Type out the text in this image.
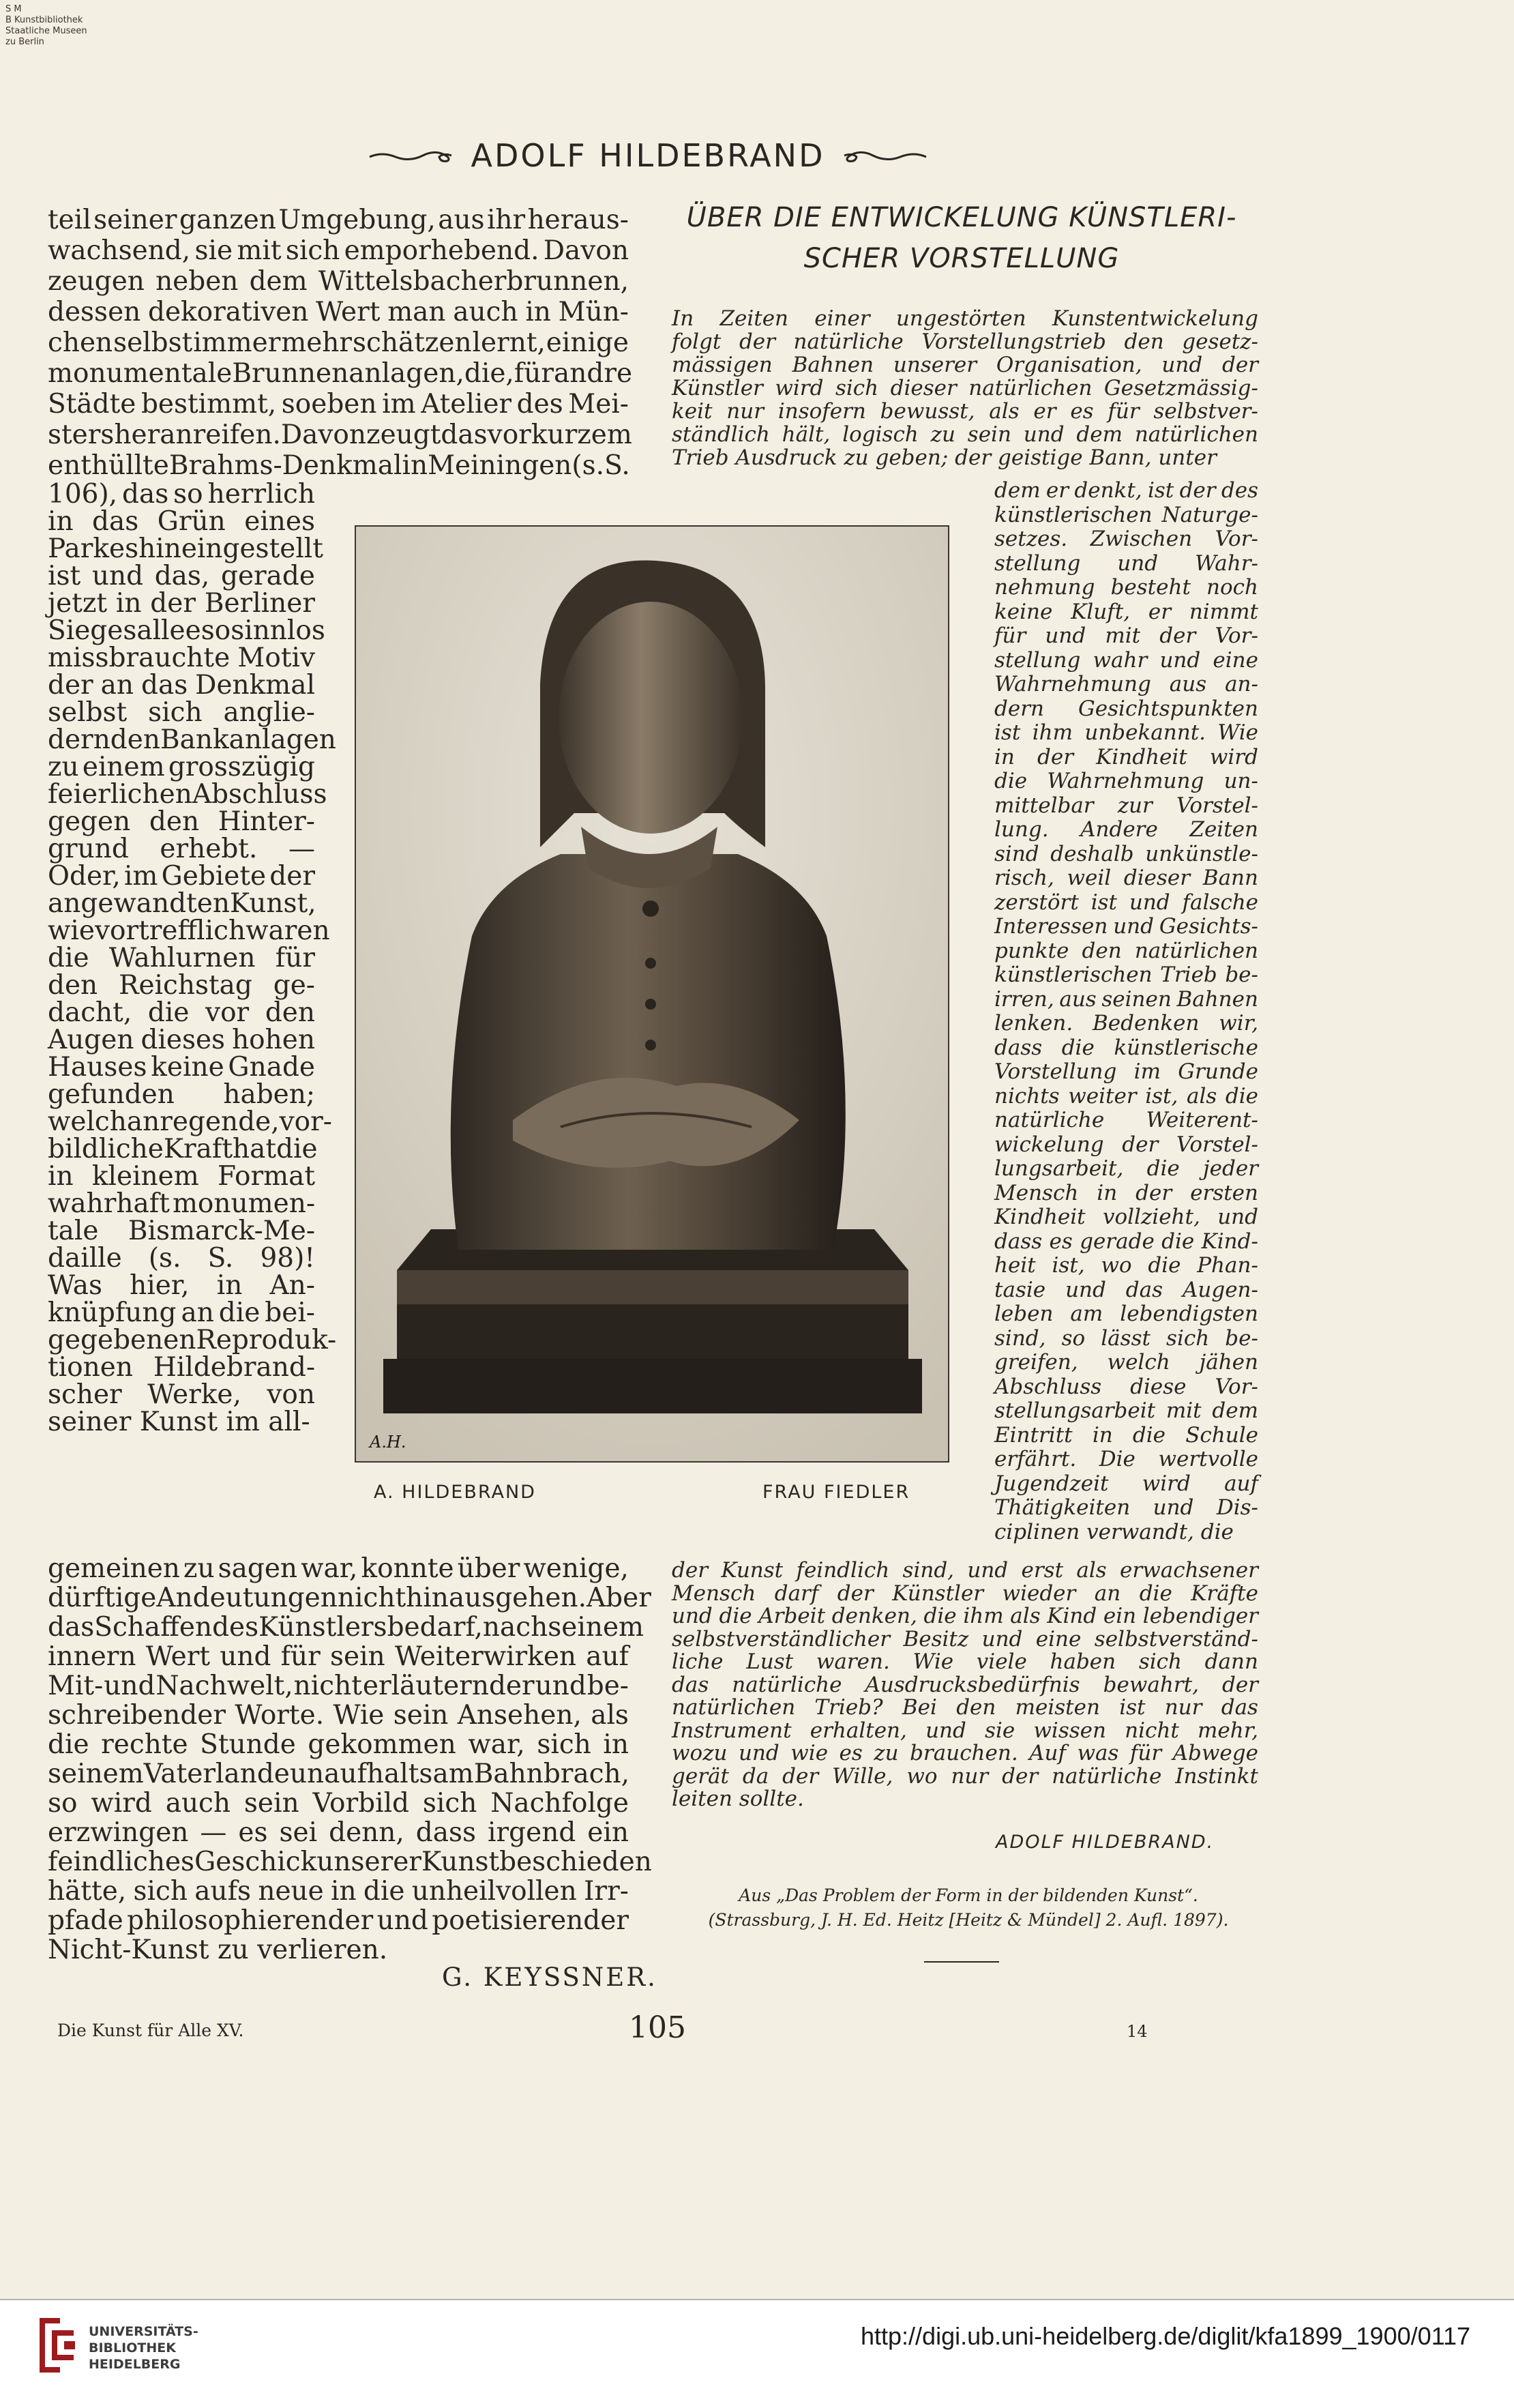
S M
B Kunstbibliothek
Staatliche Museen
zu Berlin
ADOLF HILDEBRAND
teil seiner ganzen Umgebung, aus ihr heraus-
wachsend, sie mit sich emporhebend. Davon
zeugen neben dem Wittelsbacherbrunnen,
dessen dekorativen Wert man auch in Mün-
chen selbst immer mehr schätzen lernt, einige
monumentale Brunnenanlagen, die, für andre
Städte bestimmt, soeben im Atelier des Mei-
sters heranreifen. Davon zeugt das vor kurzem
enthüllte Brahms-Denkmal in Meiningen (s. S.
106), das so herrlich
in das Grün eines
Parkes hineingestellt
ist und das, gerade
jetzt in der Berliner
Siegesallee so sinnlos
missbrauchte Motiv
der an das Denkmal
selbst sich anglie-
dernden Bankanlagen
zu einem grosszügig
feierlichen Abschluss
gegen den Hinter-
grund erhebt. —
Oder, im Gebiete der
angewandten Kunst,
wie vortrefflich waren
die Wahlurnen für
den Reichstag ge-
dacht, die vor den
Augen dieses hohen
Hauses keine Gnade
gefunden haben;
welch anregende, vor-
bildliche Kraft hat die
in kleinem Format
wahrhaft monumen-
tale Bismarck-Me-
daille (s. S. 98)!
Was hier, in An-
knüpfung an die bei-
gegebenen Reproduk-
tionen Hildebrand-
scher Werke, von
seiner Kunst im all-
gemeinen zu sagen war, konnte über wenige,
dürftige Andeutungen nicht hinausgehen. Aber
das Schaffen des Künstlers bedarf, nach seinem
innern Wert und für sein Weiterwirken auf
Mit- und Nachwelt, nicht erläuternder und be-
schreibender Worte. Wie sein Ansehen, als
die rechte Stunde gekommen war, sich in
seinem Vaterlande unaufhaltsam Bahn brach,
so wird auch sein Vorbild sich Nachfolge
erzwingen — es sei denn, dass irgend ein
feindliches Geschick unserer Kunst beschieden
hätte, sich aufs neue in die unheilvollen Irr-
pfade philosophierender und poetisierender
Nicht-Kunst zu verlieren.
G. KEYSSNER.
A.H.
A. HILDEBRAND	FRAU FIEDLER
ÜBER DIE ENTWICKELUNG KÜNSTLERI-
SCHER VORSTELLUNG
In Zeiten einer ungestörten Kunstentwickelung
folgt der natürliche Vorstellungstrieb den gesetz-
mässigen Bahnen unserer Organisation, und der
Künstler wird sich dieser natürlichen Gesetzmässig-
keit nur insofern bewusst, als er es für selbstver-
ständlich hält, logisch zu sein und dem natürlichen
Trieb Ausdruck zu geben; der geistige Bann, unter
dem er denkt, ist der des
künstlerischen Naturge-
setzes. Zwischen Vor-
stellung und Wahr-
nehmung besteht noch
keine Kluft, er nimmt
für und mit der Vor-
stellung wahr und eine
Wahrnehmung aus an-
dern Gesichtspunkten
ist ihm unbekannt. Wie
in der Kindheit wird
die Wahrnehmung un-
mittelbar zur Vorstel-
lung. Andere Zeiten
sind deshalb unkünstle-
risch, weil dieser Bann
zerstört ist und falsche
Interessen und Gesichts-
punkte den natürlichen
künstlerischen Trieb be-
irren, aus seinen Bahnen
lenken. Bedenken wir,
dass die künstlerische
Vorstellung im Grunde
nichts weiter ist, als die
natürliche Weiterent-
wickelung der Vorstel-
lungsarbeit, die jeder
Mensch in der ersten
Kindheit vollzieht, und
dass es gerade die Kind-
heit ist, wo die Phan-
tasie und das Augen-
leben am lebendigsten
sind, so lässt sich be-
greifen, welch jähen
Abschluss diese Vor-
stellungsarbeit mit dem
Eintritt in die Schule
erfährt. Die wertvolle
Jugendzeit wird auf
Thätigkeiten und Dis-
ciplinen verwandt, die
der Kunst feindlich sind, und erst als erwachsener
Mensch darf der Künstler wieder an die Kräfte
und die Arbeit denken, die ihm als Kind ein lebendiger
selbstverständlicher Besitz und eine selbstverständ-
liche Lust waren. Wie viele haben sich dann
das natürliche Ausdrucksbedürfnis bewahrt, der
natürlichen Trieb? Bei den meisten ist nur das
Instrument erhalten, und sie wissen nicht mehr,
wozu und wie es zu brauchen. Auf was für Abwege
gerät da der Wille, wo nur der natürliche Instinkt
leiten sollte.
ADOLF HILDEBRAND.
Aus „Das Problem der Form in der bildenden Kunst“.
(Strassburg, J. H. Ed. Heitz [Heitz & Mündel] 2. Aufl. 1897).
Die Kunst für Alle XV.	105	14
UNIVERSITÄTS-
BIBLIOTHEK
HEIDELBERG
http://digi.ub.uni-heidelberg.de/diglit/kfa1899_1900/0117
